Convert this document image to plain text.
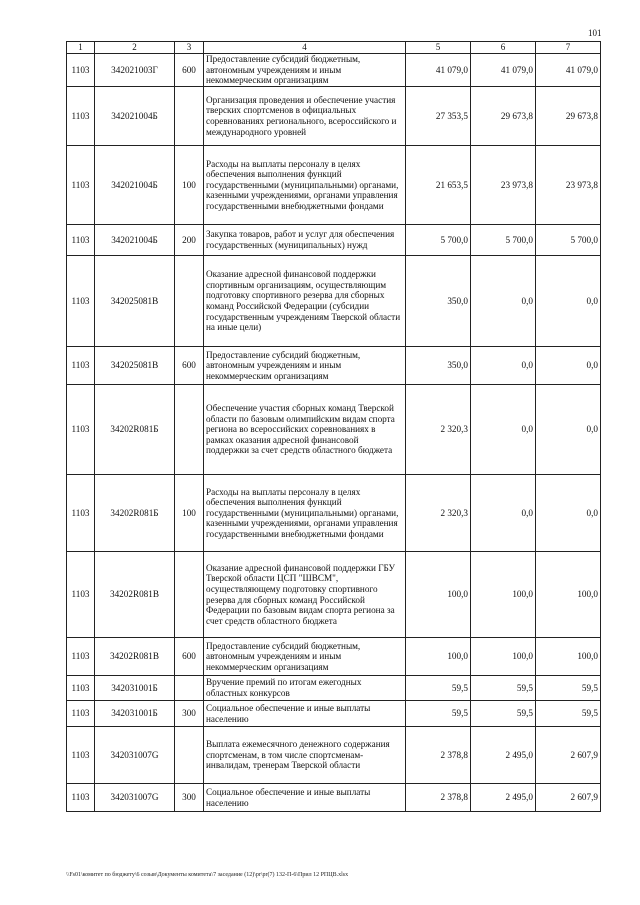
101
1	2	3	4	5	6	7
1103	342021003Г	600	Предоставление субсидий бюджетным, автономным учреждениям и иным некоммерческим организациям	41 079,0	41 079,0	41 079,0
1103	342021004Б		Организация проведения и обеспечение участия тверских спортсменов в официальных соревнованиях регионального, всероссийского и международного уровней	27 353,5	29 673,8	29 673,8
1103	342021004Б	100	Расходы на выплаты персоналу в целях обеспечения выполнения функций государственными (муниципальными) органами, казенными учреждениями, органами управления государственными внебюджетными фондами	21 653,5	23 973,8	23 973,8
1103	342021004Б	200	Закупка товаров, работ и услуг для обеспечения государственных (муниципальных) нужд	5 700,0	5 700,0	5 700,0
1103	342025081В		Оказание адресной финансовой поддержки спортивным организациям, осуществляющим подготовку спортивного резерва для сборных команд Российской Федерации (субсидии государственным учреждениям Тверской области на иные цели)	350,0	0,0	0,0
1103	342025081В	600	Предоставление субсидий бюджетным, автономным учреждениям и иным некоммерческим организациям	350,0	0,0	0,0
1103	34202R081Б		Обеспечение участия сборных команд Тверской области по базовым олимпийским видам спорта региона во всероссийских соревнованиях в рамках оказания адресной финансовой поддержки за счет средств областного бюджета	2 320,3	0,0	0,0
1103	34202R081Б	100	Расходы на выплаты персоналу в целях обеспечения выполнения функций государственными (муниципальными) органами, казенными учреждениями, органами управления государственными внебюджетными фондами	2 320,3	0,0	0,0
1103	34202R081В		Оказание адресной финансовой поддержки ГБУ Тверской области ЦСП "ШВСМ", осуществляющему подготовку спортивного резерва для сборных команд Российской Федерации по базовым видам спорта региона за счет средств областного бюджета	100,0	100,0	100,0
1103	34202R081В	600	Предоставление субсидий бюджетным, автономным учреждениям и иным некоммерческим организациям	100,0	100,0	100,0
1103	342031001Б		Вручение премий по итогам ежегодных областных конкурсов	59,5	59,5	59,5
1103	342031001Б	300	Социальное обеспечение и иные выплаты населению	59,5	59,5	59,5
1103	342031007G		Выплата ежемесячного денежного содержания спортсменам, в том числе спортсменам-инвалидам, тренерам Тверской области	2 378,8	2 495,0	2 607,9
1103	342031007G	300	Социальное обеспечение и иные выплаты населению	2 378,8	2 495,0	2 607,9
\\Fs01\комитет по бюджету\6 созыв\Документы комитета\7 заседание (12)\pr\pr(7) 132-П-6\Прил 12 РПЦВ.xlsx
